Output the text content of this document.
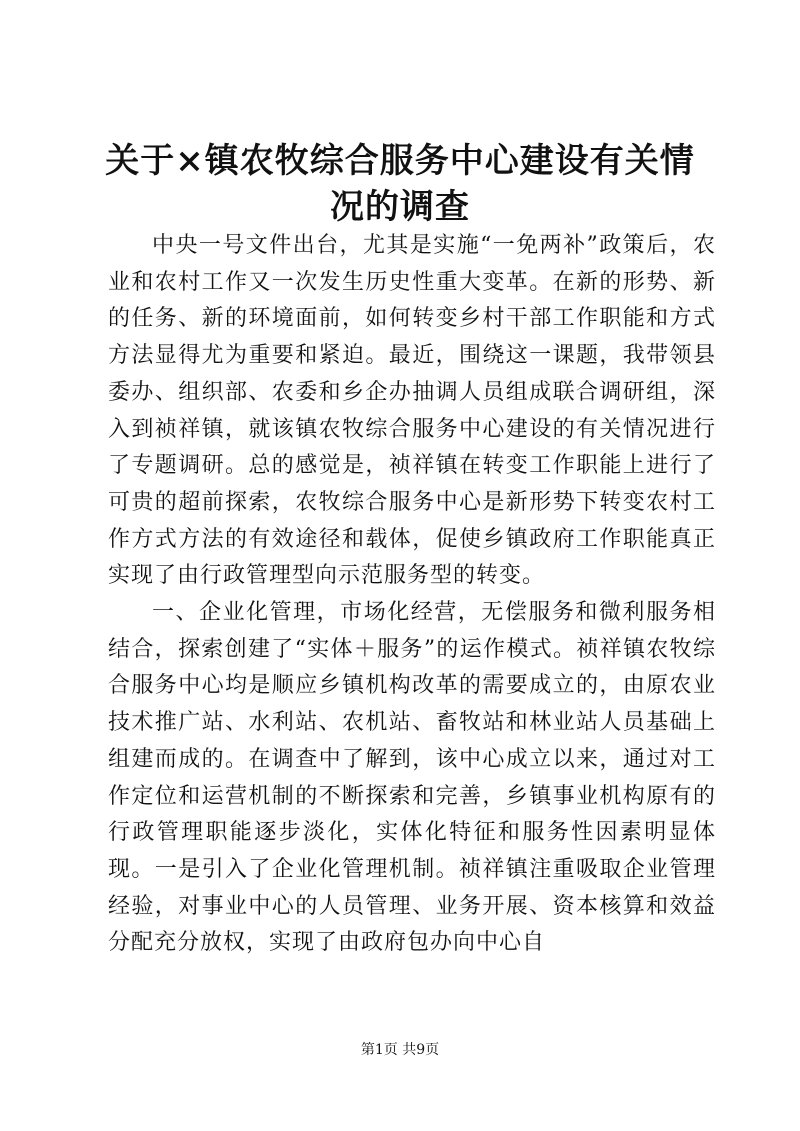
关于×镇农牧综合服务中心建设有关情况的调查

中央一号文件出台，尤其是实施“一免两补”政策后，农业和农村工作又一次发生历史性重大变革。在新的形势、新的任务、新的环境面前，如何转变乡村干部工作职能和方式方法显得尤为重要和紧迫。最近，围绕这一课题，我带领县委办、组织部、农委和乡企办抽调人员组成联合调研组，深入到祯祥镇，就该镇农牧综合服务中心建设的有关情况进行了专题调研。总的感觉是，祯祥镇在转变工作职能上进行了可贵的超前探索，农牧综合服务中心是新形势下转变农村工作方式方法的有效途径和载体，促使乡镇政府工作职能真正实现了由行政管理型向示范服务型的转变。

一、企业化管理，市场化经营，无偿服务和微利服务相结合，探索创建了“实体＋服务”的运作模式。祯祥镇农牧综合服务中心均是顺应乡镇机构改革的需要成立的，由原农业技术推广站、水利站、农机站、畜牧站和林业站人员基础上组建而成的。在调查中了解到，该中心成立以来，通过对工作定位和运营机制的不断探索和完善，乡镇事业机构原有的行政管理职能逐步淡化，实体化特征和服务性因素明显体现。一是引入了企业化管理机制。祯祥镇注重吸取企业管理经验，对事业中心的人员管理、业务开展、资本核算和效益分配充分放权，实现了由政府包办向中心自

第1页 共9页
